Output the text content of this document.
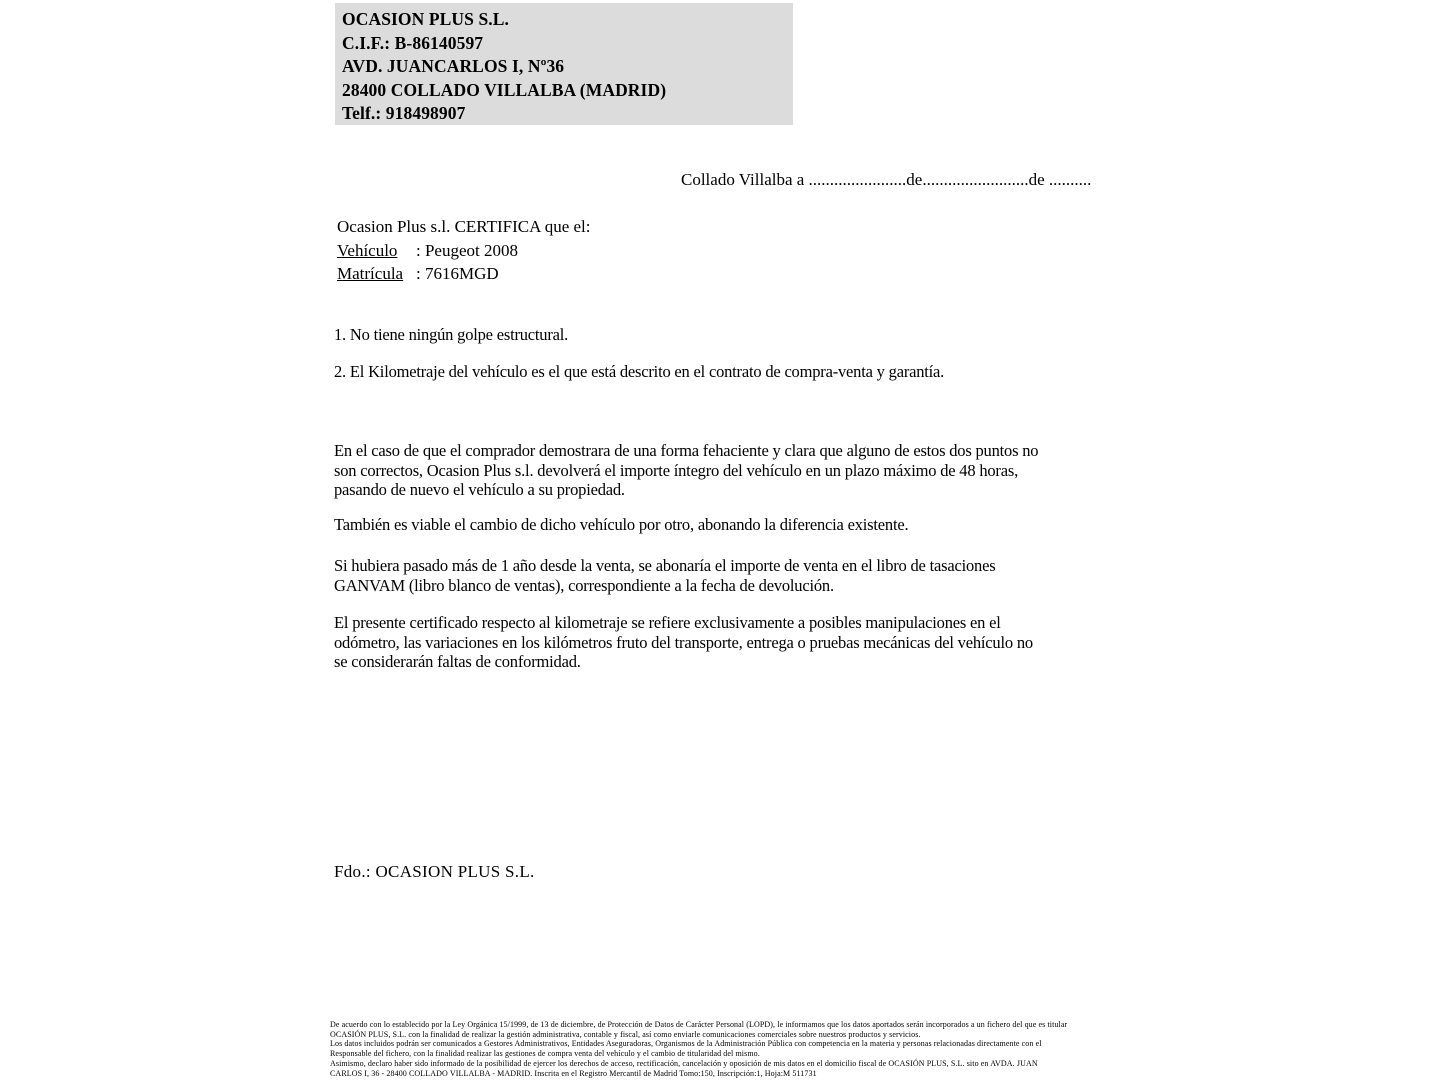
OCASION PLUS S.L.
C.I.F.: B-86140597
AVD. JUANCARLOS I, Nº36
28400 COLLADO VILLALBA (MADRID)
Telf.: 918498907
Collado Villalba a .......................de.........................de ..........
Ocasion Plus s.l. CERTIFICA que el:
Vehículo : Peugeot 2008
Matrícula : 7616MGD
1. No tiene ningún golpe estructural.
2. El Kilometraje del vehículo es el que está descrito en el contrato de compra-venta y garantía.
En el caso de que el comprador demostrara de una forma fehaciente y clara que alguno de estos dos puntos no
son correctos, Ocasion Plus s.l. devolverá el importe íntegro del vehículo en un plazo máximo de 48 horas,
pasando de nuevo el vehículo a su propiedad.
También es viable el cambio de dicho vehículo por otro, abonando la diferencia existente.
Si hubiera pasado más de 1 año desde la venta, se abonaría el importe de venta en el libro de tasaciones
GANVAM (libro blanco de ventas), correspondiente a la fecha de devolución.
El presente certificado respecto al kilometraje se refiere exclusivamente a posibles manipulaciones en el
odómetro, las variaciones en los kilómetros fruto del transporte, entrega o pruebas mecánicas del vehículo no
se considerarán faltas de conformidad.
Fdo.: OCASION PLUS S.L.
De acuerdo con lo establecido por la Ley Orgánica 15/1999, de 13 de diciembre, de Protección de Datos de Carácter Personal (LOPD), le informamos que los datos aportados serán incorporados a un fichero del que es titular
OCASIÓN PLUS, S.L. con la finalidad de realizar la gestión administrativa, contable y fiscal, así como enviarle comunicaciones comerciales sobre nuestros productos y servicios.
Los datos incluidos podrán ser comunicados a Gestores Administrativos, Entidades Aseguradoras, Organismos de la Administración Pública con competencia en la materia y personas relacionadas directamente con el
Responsable del fichero, con la finalidad realizar las gestiones de compra venta del vehículo y el cambio de titularidad del mismo.
Asimismo, declaro haber sido informado de la posibilidad de ejercer los derechos de acceso, rectificación, cancelación y oposición de mis datos en el domicilio fiscal de OCASIÓN PLUS, S.L. sito en AVDA. JUAN
CARLOS I, 36 - 28400 COLLADO VILLALBA - MADRID. Inscrita en el Registro Mercantil de Madrid Tomo:150, Inscripción:1, Hoja:M 511731
